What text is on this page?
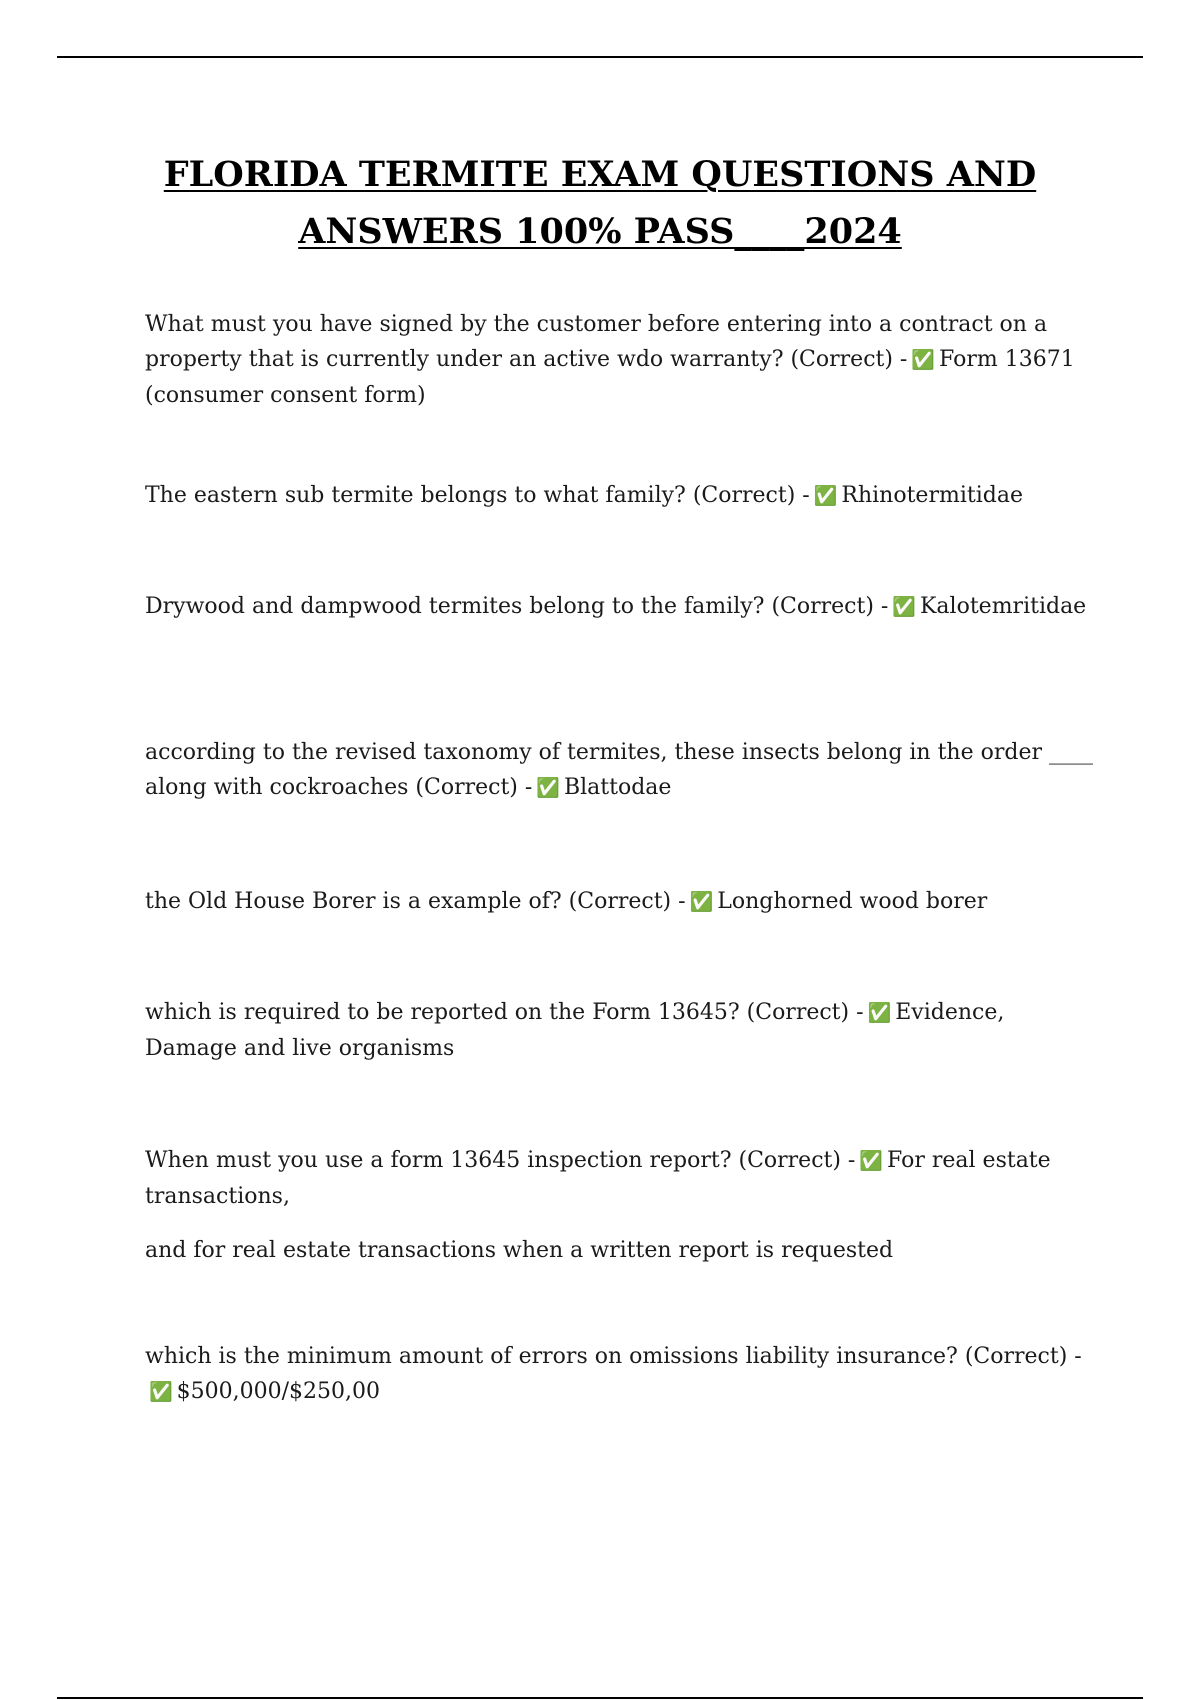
FLORIDA TERMITE EXAM QUESTIONS AND
ANSWERS 100% PASS____2024

What must you have signed by the customer before entering into a contract on a property that is currently under an active wdo warranty? (Correct) - ✅ Form 13671 (consumer consent form)

The eastern sub termite belongs to what family? (Correct) - ✅ Rhinotermitidae

Drywood and dampwood termites belong to the family? (Correct) - ✅ Kalotemritidae

according to the revised taxonomy of termites, these insects belong in the order ____ along with cockroaches (Correct) - ✅ Blattodae

the Old House Borer is a example of? (Correct) - ✅ Longhorned wood borer

which is required to be reported on the Form 13645? (Correct) - ✅ Evidence, Damage and live organisms

When must you use a form 13645 inspection report? (Correct) - ✅ For real estate transactions,

and for real estate transactions when a written report is requested

which is the minimum amount of errors on omissions liability insurance? (Correct) -✅ $500,000/$250,00
